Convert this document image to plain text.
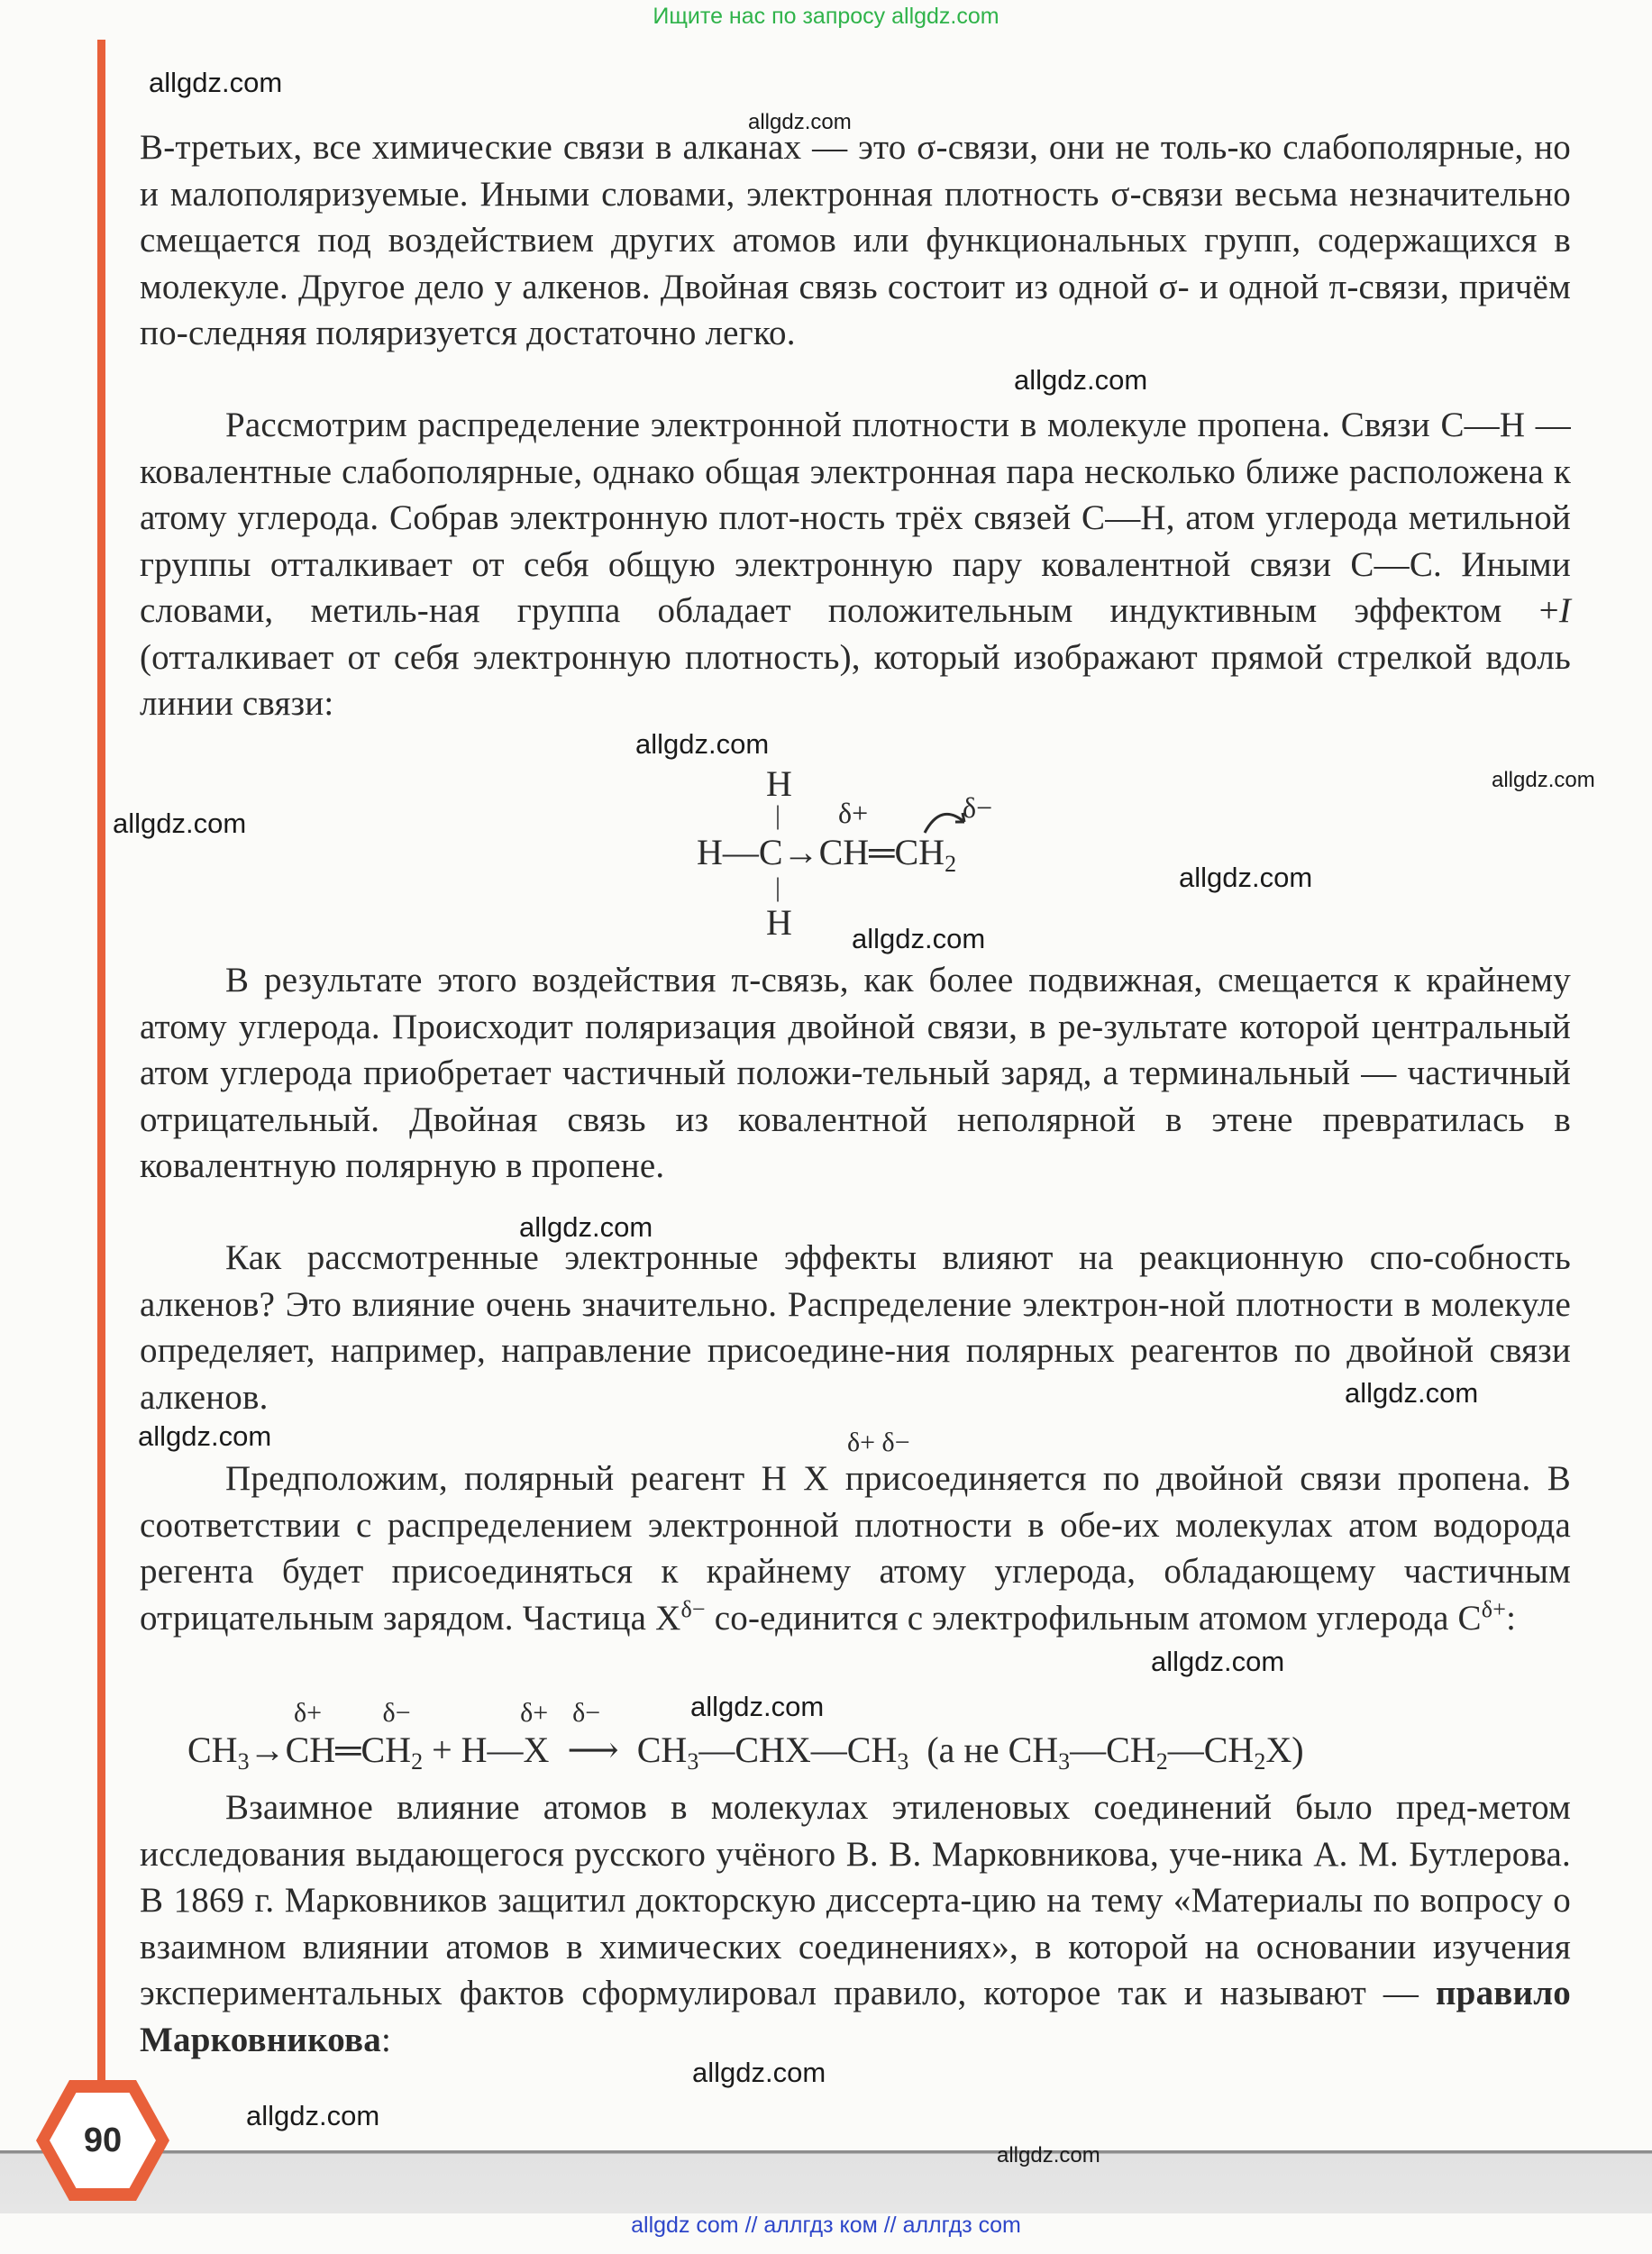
Ищите нас по запросу allgdz.com

В-третьих, все химические связи в алканах — это σ-связи, они не толь-ко слабополярные, но и малополяризуемые. Иными словами, электронная плотность σ-связи весьма незначительно смещается под воздействием других атомов или функциональных групп, содержащихся в молекуле. Другое дело у алкенов. Двойная связь состоит из одной σ- и одной π-связи, причём по-следняя поляризуется достаточно легко.

Рассмотрим распределение электронной плотности в молекуле пропена. Связи С—Н — ковалентные слабополярные, однако общая электронная пара несколько ближе расположена к атому углерода. Собрав электронную плот-ность трёх связей С—Н, атом углерода метильной группы отталкивает от себя общую электронную пару ковалентной связи С—С. Иными словами, метиль-ная группа обладает положительным индуктивным эффектом +I (отталкивает от себя электронную плотность), который изображают прямой стрелкой вдоль линии связи:

H
| δ+	δ−
$H—C\to CH═CH_2$
|
H

В результате этого воздействия π-связь, как более подвижная, смещается к крайнему атому углерода. Происходит поляризация двойной связи, в ре-зультате которой центральный атом углерода приобретает частичный положи-тельный заряд, а терминальный — частичный отрицательный. Двойная связь из ковалентной неполярной в этене превратилась в ковалентную полярную в пропене.

Как рассмотренные электронные эффекты влияют на реакционную спо-собность алкенов? Это влияние очень значительно. Распределение электрон-ной плотности в молекуле определяет, например, направление присоедине-ния полярных реагентов по двойной связи алкенов.

δ+ δ−

Предположим, полярный реагент H X присоединяется по двойной связи пропена. В соответствии с распределением электронной плотности в обе-их молекулах атом водорода регента будет присоединяться к крайнему атому углерода, обладающему частичным отрицательным зарядом. Частица $X^{\delta-}$ со-единится с электрофильным атомом углерода $C^{\delta+}$:

δ+     δ−         δ+  δ−
$CH_3\to CH═CH_2$ + H—X  ⟶  $CH_3—CHX—CH_3$  (а не $CH_3—CH_2—CH_2X$)

Взаимное влияние атомов в молекулах этиленовых соединений было пред-метом исследования выдающегося русского учёного В. В. Марковникова, уче-ника А. М. Бутлерова. В 1869 г. Марковников защитил докторскую диссерта-цию на тему «Материалы по вопросу о взаимном влиянии атомов в химических соединениях», в которой на основании изучения экспериментальных фактов сформулировал правило, которое так и называют — правило Марковникова:

90
allgdz.com
allgdz.com
allgdz.com
allgdz.com
allgdz.com
allgdz.com
allgdz.com
allgdz.com
allgdz.com
allgdz.com
allgdz.com
allgdz.com
allgdz.com
allgdz.com
allgdz.com
allgdz.com
allgdz com // аллгдз ком // аллгдз com
